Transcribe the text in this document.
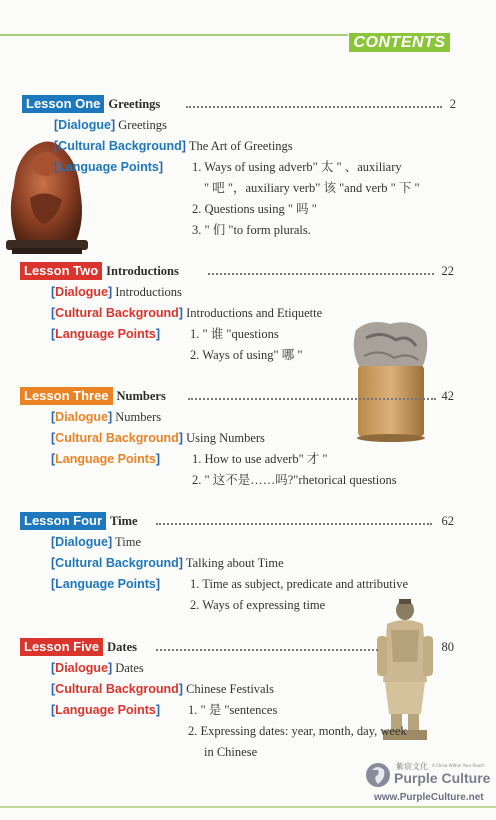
CONTENTS
Lesson One Greetings	2
[Dialogue] Greetings
[Cultural Background] The Art of Greetings
[Language Points] 1. Ways of using adverb" 太 " 、auxiliary
" 吧 "，auxiliary verb" 该 "and verb " 下 "
2. Questions using " 吗 "
3. " 们 "to form plurals.
Lesson Two Introductions	22
[Dialogue] Introductions
[Cultural Background] Introductions and Etiquette
[Language Points] 1. " 谁 "questions
2. Ways of using" 哪 "
Lesson Three Numbers	42
[Dialogue] Numbers
[Cultural Background] Using Numbers
[Language Points]	1. How to use adverb" 才 "
2. " 这不是……吗?"rhetorical questions
Lesson Four Time	62
[Dialogue] Time
[Cultural Background] Talking about Time
[Language Points] 1. Time as subject, predicate and attributive
2. Ways of expressing time
Lesson Five Dates	80
[Dialogue] Dates
[Cultural Background] Chinese Festivals
[Language Points] 1. " 是 "sentences
2. Expressing dates: year, month, day, week
in Chinese
紫宸文化 A China Within Your Reach
Purple Culture
www.PurpleCulture.net
